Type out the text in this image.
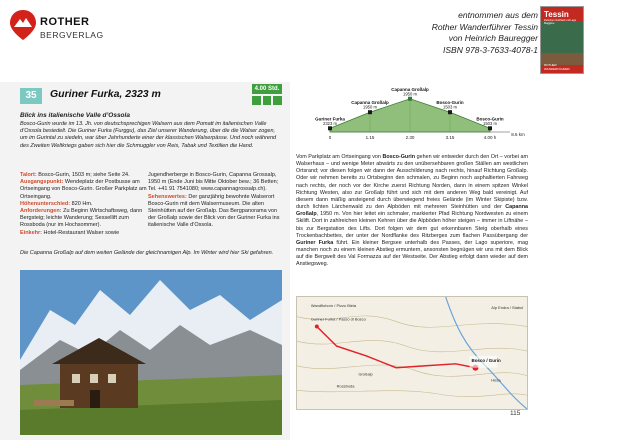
ROTHER
BERGVERLAG
entnommen aus dem
Rother Wanderführer Tessin
von Heinrich Bauregger
ISBN 978-3-7633-4078-1
Tessin
Zwischen Gotthard und Lago Maggiore
ROTHER WANDERFÜHRER
35	Guriner Furka, 2323 m	4.00 Std.
Blick ins italienische Valle d’Ossola
Bosco-Gurin wurde im 13. Jh. von deutschsprechigen Walsern aus dem Pomatt im italienischen Valle d’Ossola besiedelt. Die Guriner Furka (Furggu), das Ziel unserer Wanderung, über die die Walser zogen, um im Gurintal zu siedeln, war über Jahrhunderte einer der klassischen Walserpässe. Und noch während des Zweiten Weltkriegs gaben sich hier die Schmuggler von Reis, Tabak und Textilien die Hand.
Talort: Bosco-Gurin, 1503 m; siehe Seite 24.
Ausgangspunkt: Wendeplatz der Postbusse am Ortseingang von Bosco-Gurin. Großer Parkplatz am Ortseingang.
Höhenunterschied: 820 Hm.
Anforderungen: Zu Beginn Wirtschaftsweg, dann Bergsteig; leichte Wanderung; Sessellift zum Rossboda (nur im Hochsommer).
Einkehr: Hotel-Restaurant Walser sowie
Jugendherberge in Bosco-Gurin, Capanna Grossalp, 1950 m (Ende Juni bis Mitte Oktober bew.; 36 Betten; Tel. +41 91 7541080; www.capannagrossalp.ch).
Sehenswertes: Der ganzjährig bewohnte Walserort Bosco-Gurin mit dem Walsermuseum. Die alten Steinhütten auf der Großalp. Das Bergpanorama von der Großalp sowie der Blick von der Guriner Furka ins italienische Valle d’Ossola.
Die Capanna Großalp auf dem weiten Gelände der gleichnamigen Alp. Im Winter wird hier Ski gefahren.
Guriner Furka
2323 m
Capanna Großalp
1950 m
Capanna Großalp
1950 m
Bosco-Gurin
1503 m
Bosco-Gurin
1503 m
0	1.15	2.30	3.15	4.00 h
8.6 km
Vom Parkplatz am Ortseingang von Bosco-Gurin gehen wir entweder durch den Ort – vorbei am Walserhaus – und wenige Meter abwärts zu den unübersehbaren großen Ställen am westlichen Ortsrand; vor diesen folgen wir dann der Ausschilderung nach rechts, hinauf Richtung Großalp. Oder wir nehmen bereits zu Ortsbeginn den schmalen, zu Beginn noch asphaltierten Fahrweg nach rechts, der noch vor der Kirche zuerst Richtung Norden, dann in einem spitzen Winkel Richtung Westen, also zur Großalp führt und sich mit dem anderen Weg bald vereinigt. Auf diesem dann mäßig ansteigend durch überwiegend freies Gelände (im Winter Skipiste) bzw. durch lichten Lärchenwald zu den Alpböden mit mehreren Steinhütten und der Capanna Großalp, 1950 m. Von hier leitet ein schmaler, markierter Pfad Richtung Nordwesten zu einem Skilift. Dort in zahlreichen kleinen Kehren über die Alpböden höher steigen – immer in Liftnähe – bis zur Bergstation des Lifts. Dort folgen wir dem gut erkennbaren Steig oberhalb eines Trockenbachbettes, der unter der Nordflanke des Ritzberges zum flachen Passübergang der Guriner Furka führt. Ein kleiner Bergsee unterhalb des Passes, der Lago superiore, mag manchen noch zu einem kleinen Abstieg ermuntern, ansonsten begnügen wir uns mit dem Blick auf die Bergwelt des Val Formazza auf der Westseite. Der Abstieg erfolgt dann wieder auf dem Anstiegsweg.
Wandfluhorn / Pizzo Biela
Guriner Furka / Passo di Bosco
Großalp
Bosco / Gurin
Rossboda
Alp Endra / Stabul
Hüsa
115
